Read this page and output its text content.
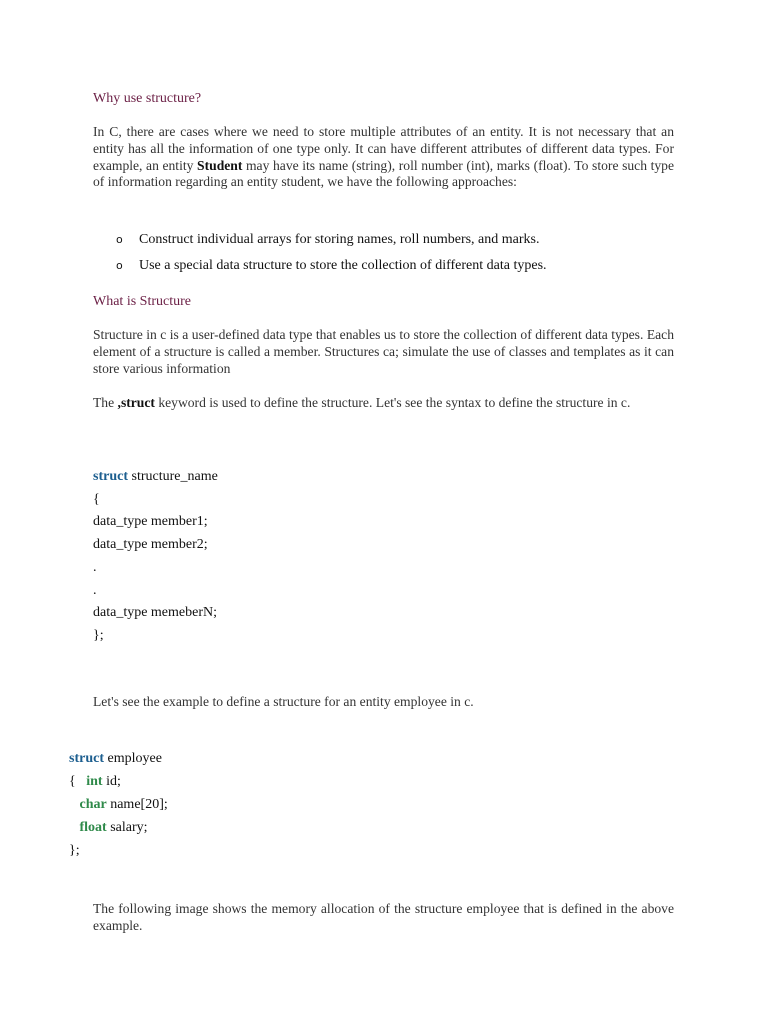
Why use structure?
In C, there are cases where we need to store multiple attributes of an entity. It is not necessary that an entity has all the information of one type only. It can have different attributes of different data types. For example, an entity Student may have its name (string), roll number (int), marks (float). To store such type of information regarding an entity student, we have the following approaches:
o Construct individual arrays for storing names, roll numbers, and marks.
o Use a special data structure to store the collection of different data types.
What is Structure
Structure in c is a user-defined data type that enables us to store the collection of different data types. Each element of a structure is called a member. Structures ca; simulate the use of classes and templates as it can store various information
The ,struct keyword is used to define the structure. Let's see the syntax to define the structure in c.
struct structure_name
{
data_type member1;
data_type member2;
.
.
data_type memeberN;
};
Let's see the example to define a structure for an entity employee in c.
struct employee
{   int id;
char name[20];
float salary;
};
The following image shows the memory allocation of the structure employee that is defined in the above example.
